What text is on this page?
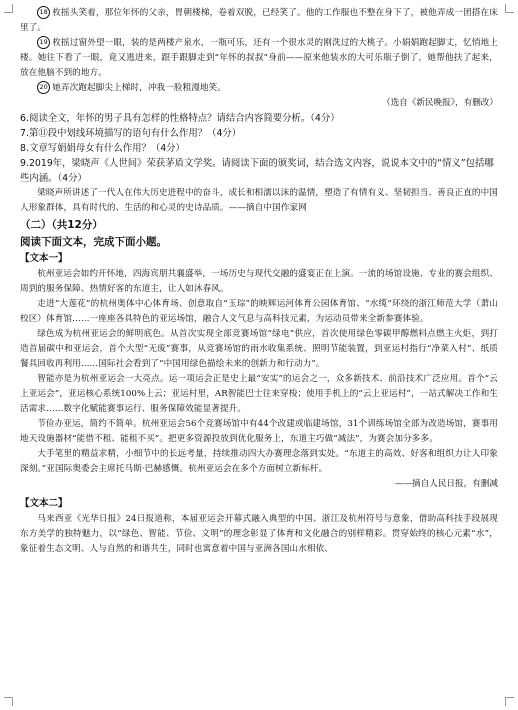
18 枚摇头笑着，那位年怀的父亲，胃朝楼梯，卷着双脱，已经笑了。他的工作服也不整在身下了，被他弄成一团搭在床里了。

19 枚摇过窗外望一眼，装的是两楼产泉水，一瓶可乐，还有一个很水灵的刚洗过的大桃子。小娟娟跑起脚丈，忆悄地上楼。她往下看了一眼，竟又逃进来，跟手跟脚走到“年怀的叔叔”身前——原来他装水的大可乐瓶子倒了，她帮他扶了起来，放在他脑不到的地方。

20 她弄次跑起脚尖上梯时，冲我一脸粗漫地笑。

（选自《新民晚报》，有删改）

6.阅读全文，年怀的男子具有怎样的性格特点？请结合内容简要分析。（4分）

7.第⑪段中划线环境描写的语句有什么作用？（4分）

8.文章写娟娟母女有什么作用？（4分）

9.2019年，梁晓声《人世间》荣获茅盾文学奖。请阅读下面的颁奖词，结合选文内容，说说本文中的“情义”包括哪些内涵。（4分）

梁晓声所讲述了一代人在伟大历史进程中的奋斗，成长和相濡以沫的温情，塑造了有情有义、坚韧担当、善良正直的中国人形象群体，具有时代的、生活的和心灵的史诗品质。——摘自中国作家网

（二）（共12分）

阅读下面文本，完成下面小题。

【文本一】

杭州亚运会如约开怀地，四海宾朋共襄盛举，一场历史与现代交融的盛宴正在上演。一流的场馆设施、专业的赛会组织、周到的服务保障、热情好客的东道主，让人如沐春风。

走进“大莲花”的杭州奥体中心体育场、创意取自“玉琮”的映辉运河体育公园体育馆、“水缆”环绕的浙江师范大学（萧山校区）体育馆……一座座各具特色的亚运场馆，融合人文气息与高科技元素，为运动员带来全新参赛体验。

绿色成为杭州亚运会的鲜明底色。从首次实现全部竞赛场馆“绿电”供应，首次使用绿色零碳甲醇燃料点燃主火炬，到打造首届碳中和亚运会，首个大型“无废”赛事，从竞赛场馆的雨水收集系统、照明节能装置，到亚运村指行“净菜入村”、纸质餐具回收再利用……国际社会看到了“中国用绿色描绘未来的创新力和行动力”。

智能亦是为杭州亚运会一大亮点。运一项运会正是史上最“安实”的运会之一，众多新技术、前沿技术广泛应用。首个“云上亚运会”，亚运核心系统100%上云；亚运村里，AR智能巴士往来穿梭；使用手机上的“云上亚运村”，一站式解决工作和生活需求……数字化赋能赛事运行、服务保障效能显著提升。

节俭办亚运，简约不简单。杭州亚运会56个竞赛场馆中有44个改建或临建场馆，31个训练场馆全部为改造场馆，赛事用地天设施器材“能借不租、能租不买”。把更多资源投放到优化服务上，东道主巧做“减法”，为赛会加分多多。

大手笔里的精益求精，小细节中的长远考量，持续推动四大办赛理念落到实处。“东道主的高效、好客和组织力让人印象深刻。”亚国际奥委会主席托马斯·巴赫感慨。杭州亚运会在多个方面树立新标杆。

——摘自人民日报，有删减

【文本二】

马来西亚《光华日报》24日报道称，本届亚运会开幕式融入典型的中国、浙江及杭州符号与意象，借助高科技手段展现东方美学的独特魅力，以“绿色、智能、节俭、文明”的理念彰显了体育和文化融合的别样精彩。贯穿始终的核心元素“水”，象征着生态文明、人与自然的和谐共生，同时也寓意着中国与亚洲各国山水相依、
